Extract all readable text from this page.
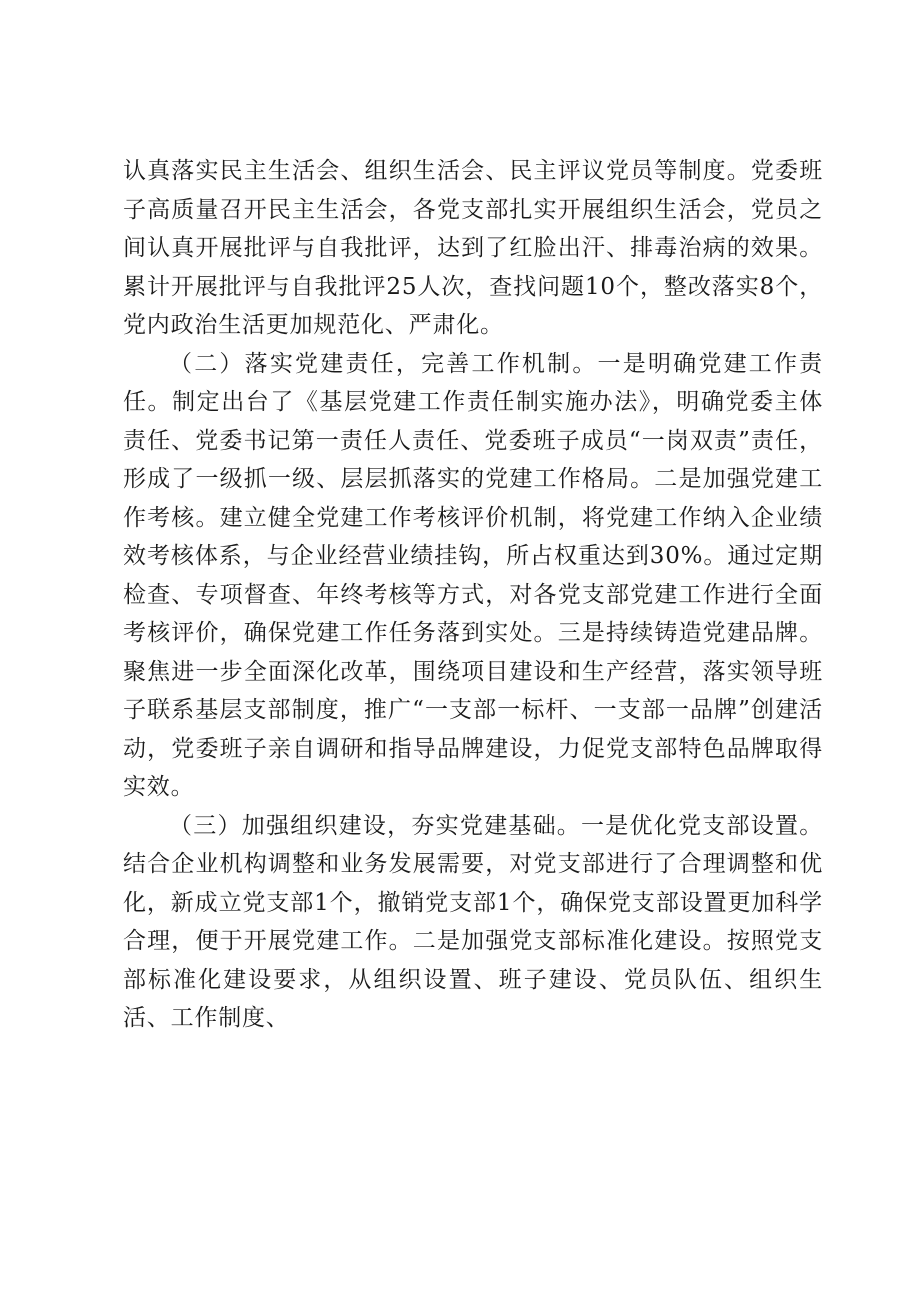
认真落实民主生活会、组织生活会、民主评议党员等制度。党委班子高质量召开民主生活会，各党支部扎实开展组织生活会，党员之间认真开展批评与自我批评，达到了红脸出汗、排毒治病的效果。累计开展批评与自我批评25人次，查找问题10个，整改落实8个，党内政治生活更加规范化、严肃化。

（二）落实党建责任，完善工作机制。一是明确党建工作责任。制定出台了《基层党建工作责任制实施办法》，明确党委主体责任、党委书记第一责任人责任、党委班子成员“一岗双责”责任，形成了一级抓一级、层层抓落实的党建工作格局。二是加强党建工作考核。建立健全党建工作考核评价机制，将党建工作纳入企业绩效考核体系，与企业经营业绩挂钩，所占权重达到30%。通过定期检查、专项督查、年终考核等方式，对各党支部党建工作进行全面考核评价，确保党建工作任务落到实处。三是持续铸造党建品牌。聚焦进一步全面深化改革，围绕项目建设和生产经营，落实领导班子联系基层支部制度，推广“一支部一标杆、一支部一品牌”创建活动，党委班子亲自调研和指导品牌建设，力促党支部特色品牌取得实效。

（三）加强组织建设，夯实党建基础。一是优化党支部设置。结合企业机构调整和业务发展需要，对党支部进行了合理调整和优化，新成立党支部1个，撤销党支部1个，确保党支部设置更加科学合理，便于开展党建工作。二是加强党支部标准化建设。按照党支部标准化建设要求，从组织设置、班子建设、党员队伍、组织生活、工作制度、
